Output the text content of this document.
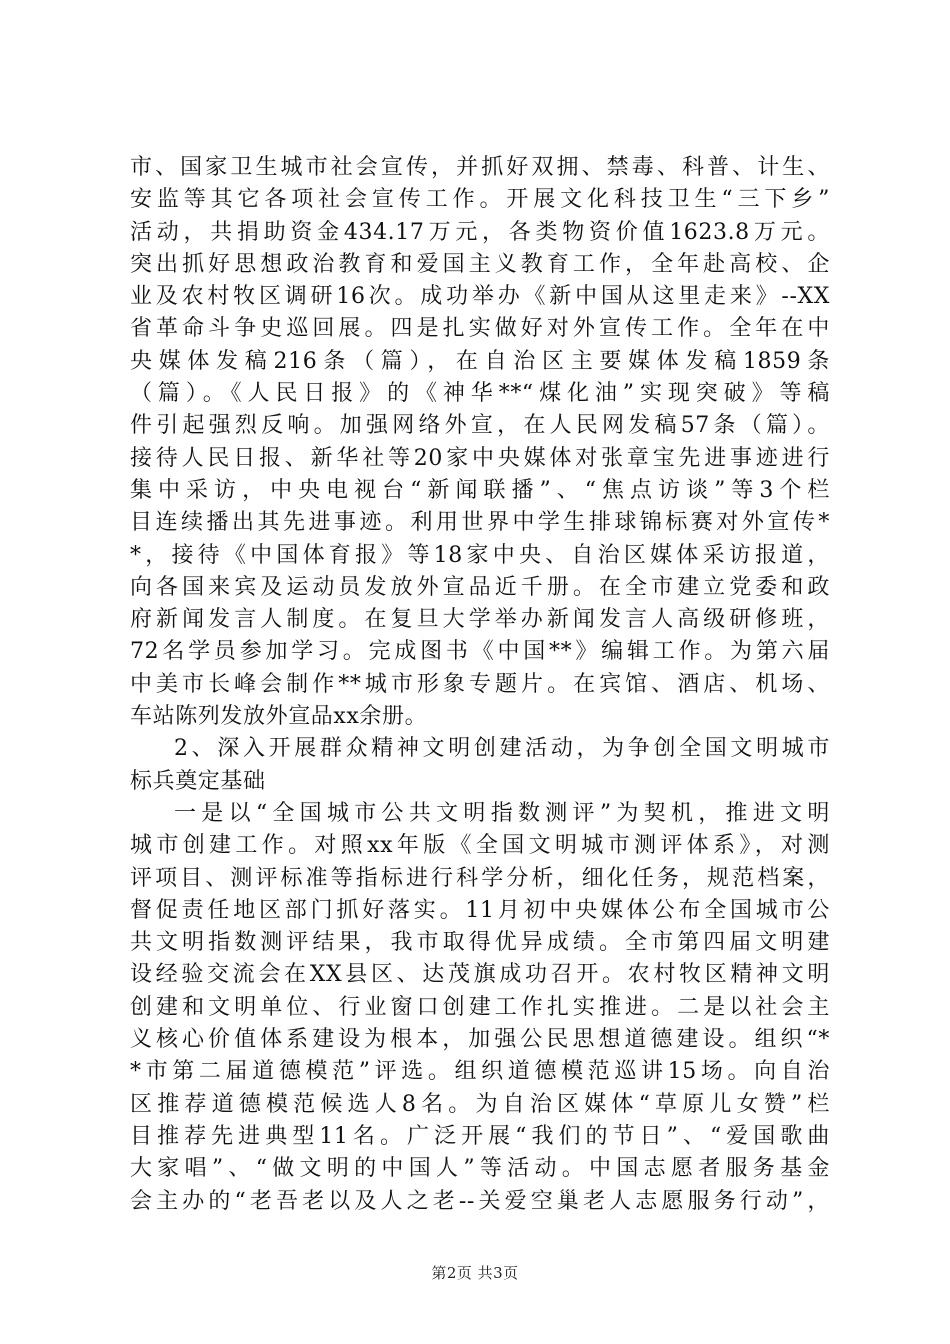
市、国家卫生城市社会宣传，并抓好双拥、禁毒、科普、计生、
安监等其它各项社会宣传工作。开展文化科技卫生“三下乡”
活动，共捐助资金434.17万元，各类物资价值1623.8万元。
突出抓好思想政治教育和爱国主义教育工作，全年赴高校、企
业及农村牧区调研16次。成功举办《新中国从这里走来》--XX
省革命斗争史巡回展。四是扎实做好对外宣传工作。全年在中
央媒体发稿216条（篇），在自治区主要媒体发稿1859条
（篇）。《人民日报》的《神华**“煤化油”实现突破》等稿
件引起强烈反响。加强网络外宣，在人民网发稿57条（篇）。
接待人民日报、新华社等20家中央媒体对张章宝先进事迹进行
集中采访，中央电视台“新闻联播”、“焦点访谈”等3个栏
目连续播出其先进事迹。利用世界中学生排球锦标赛对外宣传*
*，接待《中国体育报》等18家中央、自治区媒体采访报道，
向各国来宾及运动员发放外宣品近千册。在全市建立党委和政
府新闻发言人制度。在复旦大学举办新闻发言人高级研修班，
72名学员参加学习。完成图书《中国**》编辑工作。为第六届
中美市长峰会制作**城市形象专题片。在宾馆、酒店、机场、
车站陈列发放外宣品xx余册。
2、深入开展群众精神文明创建活动，为争创全国文明城市
标兵奠定基础
一是以“全国城市公共文明指数测评”为契机，推进文明
城市创建工作。对照xx年版《全国文明城市测评体系》，对测
评项目、测评标准等指标进行科学分析，细化任务，规范档案，
督促责任地区部门抓好落实。11月初中央媒体公布全国城市公
共文明指数测评结果，我市取得优异成绩。全市第四届文明建
设经验交流会在XX县区、达茂旗成功召开。农村牧区精神文明
创建和文明单位、行业窗口创建工作扎实推进。二是以社会主
义核心价值体系建设为根本，加强公民思想道德建设。组织“*
*市第二届道德模范”评选。组织道德模范巡讲15场。向自治
区推荐道德模范候选人8名。为自治区媒体“草原儿女赞”栏
目推荐先进典型11名。广泛开展“我们的节日”、“爱国歌曲
大家唱”、“做文明的中国人”等活动。中国志愿者服务基金
会主办的“老吾老以及人之老--关爱空巢老人志愿服务行动”，
第2页 共3页
